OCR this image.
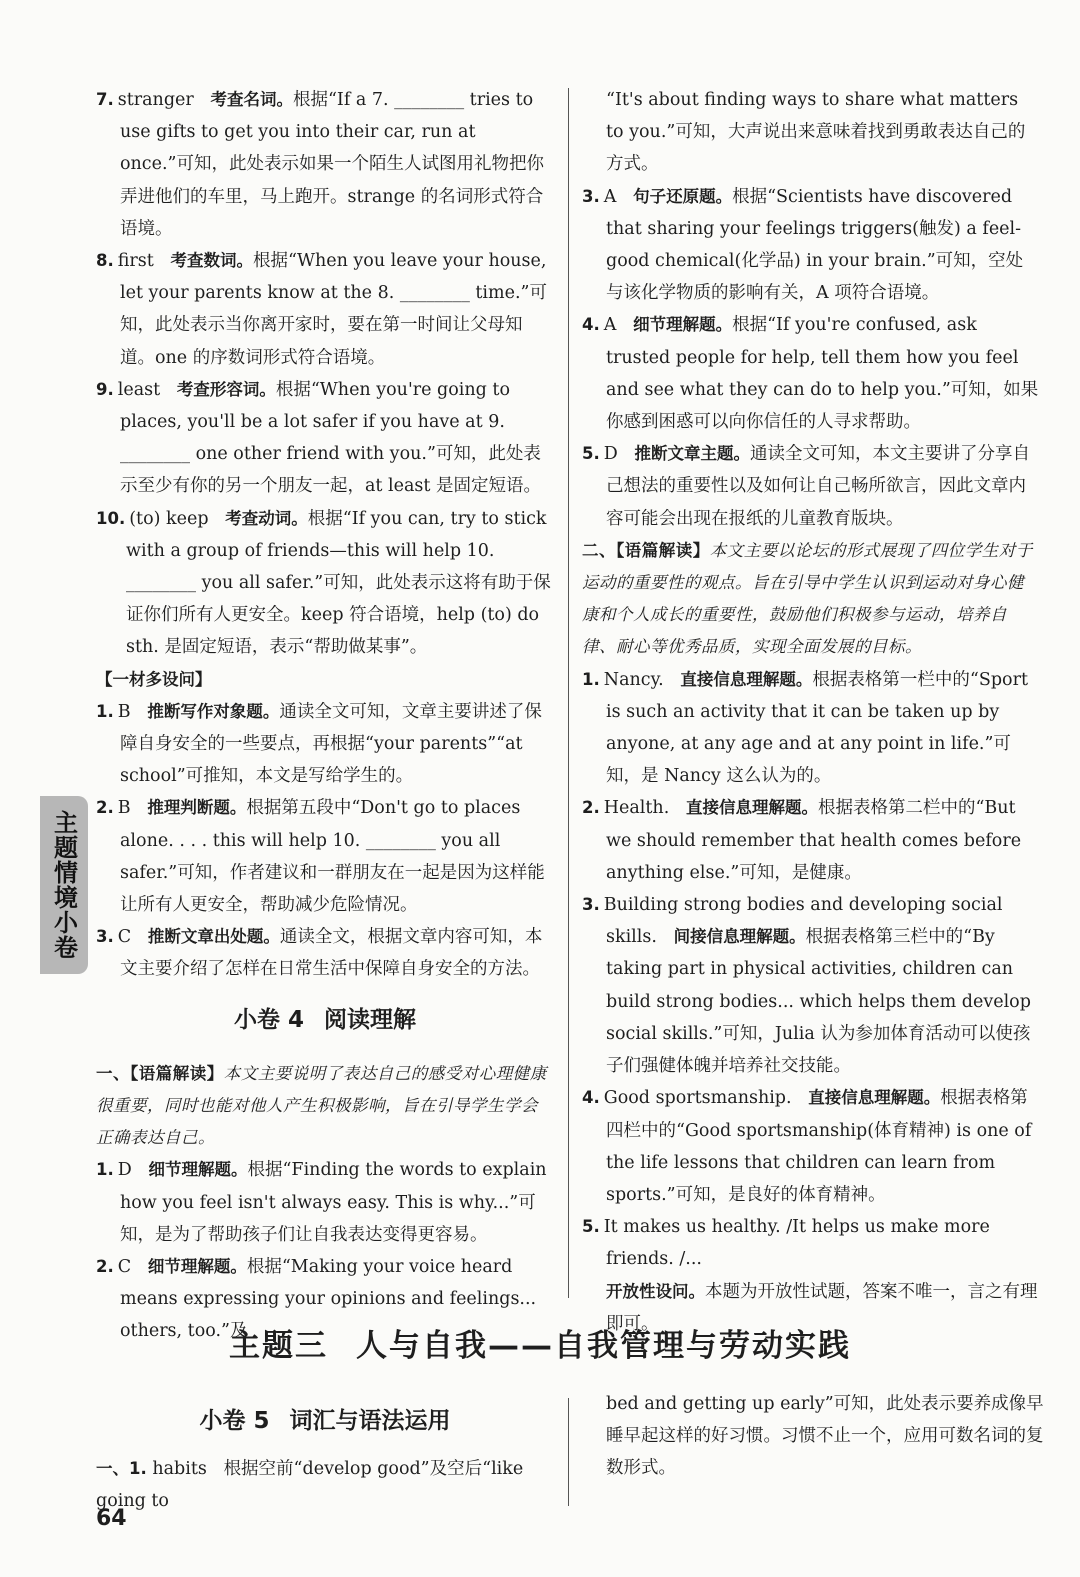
主题情境小卷

7. stranger 考查名词。根据“If a 7. ________ tries to use gifts to get you into their car, run at once.”可知，此处表示如果一个陌生人试图用礼物把你弄进他们的车里，马上跑开。strange 的名词形式符合语境。

8. first 考查数词。根据“When you leave your house, let your parents know at the 8. ________ time.”可知，此处表示当你离开家时，要在第一时间让父母知道。one 的序数词形式符合语境。

9. least 考查形容词。根据“When you're going to places, you'll be a lot safer if you have at 9. ________ one other friend with you.”可知，此处表示至少有你的另一个朋友一起，at least 是固定短语。

10. (to) keep 考查动词。根据“If you can, try to stick with a group of friends—this will help 10. ________ you all safer.”可知，此处表示这将有助于保证你们所有人更安全。keep 符合语境，help (to) do sth. 是固定短语，表示“帮助做某事”。

【一材多设问】

1. B 推断写作对象题。通读全文可知，文章主要讲述了保障自身安全的一些要点，再根据“your parents”“at school”可推知，本文是写给学生的。

2. B 推理判断题。根据第五段中“Don't go to places alone. . . . this will help 10. ________ you all safer.”可知，作者建议和一群朋友在一起是因为这样能让所有人更安全，帮助减少危险情况。

3. C 推断文章出处题。通读全文，根据文章内容可知，本文主要介绍了怎样在日常生活中保障自身安全的方法。

小卷 4 阅读理解

一、【语篇解读】本文主要说明了表达自己的感受对心理健康很重要，同时也能对他人产生积极影响，旨在引导学生学会正确表达自己。

1. D 细节理解题。根据“Finding the words to explain how you feel isn't always easy. This is why...”可知，是为了帮助孩子们让自我表达变得更容易。

2. C 细节理解题。根据“Making your voice heard means expressing your opinions and feelings... others, too.”及

“It's about finding ways to share what matters to you.”可知，大声说出来意味着找到勇敢表达自己的方式。

3. A 句子还原题。根据“Scientists have discovered that sharing your feelings triggers(触发) a feel-good chemical(化学品) in your brain.”可知，空处与该化学物质的影响有关，A 项符合语境。

4. A 细节理解题。根据“If you're confused, ask trusted people for help, tell them how you feel and see what they can do to help you.”可知，如果你感到困惑可以向你信任的人寻求帮助。

5. D 推断文章主题。通读全文可知，本文主要讲了分享自己想法的重要性以及如何让自己畅所欲言，因此文章内容可能会出现在报纸的儿童教育版块。

二、【语篇解读】本文主要以论坛的形式展现了四位学生对于运动的重要性的观点。旨在引导中学生认识到运动对身心健康和个人成长的重要性，鼓励他们积极参与运动，培养自律、耐心等优秀品质，实现全面发展的目标。

1. Nancy. 直接信息理解题。根据表格第一栏中的“Sport is such an activity that it can be taken up by anyone, at any age and at any point in life.”可知，是 Nancy 这么认为的。

2. Health. 直接信息理解题。根据表格第二栏中的“But we should remember that health comes before anything else.”可知，是健康。

3. Building strong bodies and developing social skills. 间接信息理解题。根据表格第三栏中的“By taking part in physical activities, children can build strong bodies... which helps them develop social skills.”可知，Julia 认为参加体育活动可以使孩子们强健体魄并培养社交技能。

4. Good sportsmanship. 直接信息理解题。根据表格第四栏中的“Good sportsmanship(体育精神) is one of the life lessons that children can learn from sports.”可知，是良好的体育精神。

5. It makes us healthy. /It helps us make more friends. /...
开放性设问。本题为开放性试题，答案不唯一，言之有理即可。

主题三 人与自我——自我管理与劳动实践
小卷 5 词汇与语法运用

一、1. habits 根据空前“develop good”及空后“like going to

bed and getting up early”可知，此处表示要养成像早睡早起这样的好习惯。习惯不止一个，应用可数名词的复数形式。

64
